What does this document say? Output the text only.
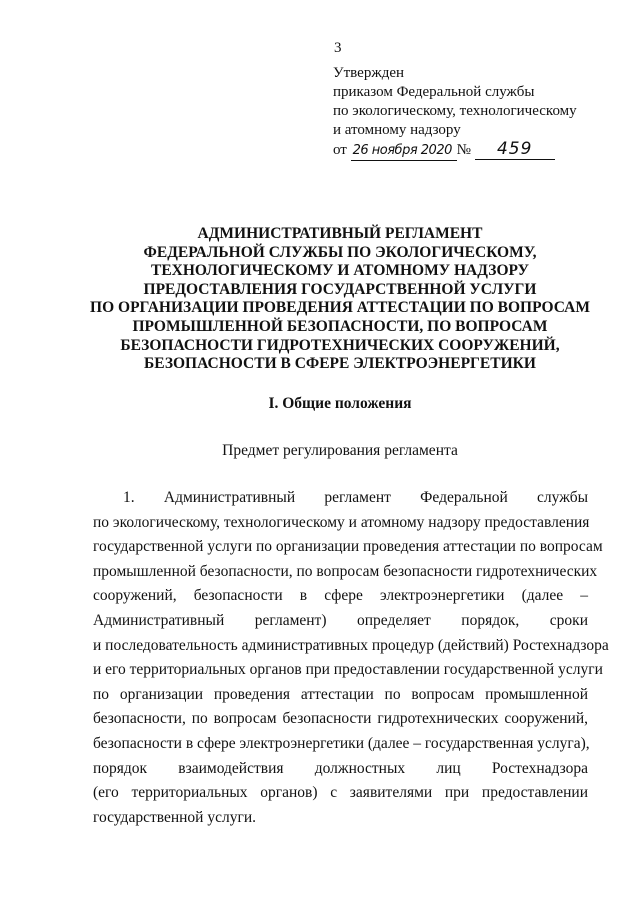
3
Утвержден
приказом Федеральной службы
по экологическому, технологическому
и атомному надзору
от 26 ноября 2020 № 459
АДМИНИСТРАТИВНЫЙ РЕГЛАМЕНТ
ФЕДЕРАЛЬНОЙ СЛУЖБЫ ПО ЭКОЛОГИЧЕСКОМУ,
ТЕХНОЛОГИЧЕСКОМУ И АТОМНОМУ НАДЗОРУ
ПРЕДОСТАВЛЕНИЯ ГОСУДАРСТВЕННОЙ УСЛУГИ
ПО ОРГАНИЗАЦИИ ПРОВЕДЕНИЯ АТТЕСТАЦИИ ПО ВОПРОСАМ
ПРОМЫШЛЕННОЙ БЕЗОПАСНОСТИ, ПО ВОПРОСАМ
БЕЗОПАСНОСТИ ГИДРОТЕХНИЧЕСКИХ СООРУЖЕНИЙ,
БЕЗОПАСНОСТИ В СФЕРЕ ЭЛЕКТРОЭНЕРГЕТИКИ
I. Общие положения
Предмет регулирования регламента
1. Административный регламент Федеральной службы
по экологическому, технологическому и атомному надзору предоставления
государственной услуги по организации проведения аттестации по вопросам
промышленной безопасности, по вопросам безопасности гидротехнических
сооружений, безопасности в сфере электроэнергетики (далее –
Административный регламент) определяет порядок, сроки
и последовательность административных процедур (действий) Ростехнадзора
и его территориальных органов при предоставлении государственной услуги
по организации проведения аттестации по вопросам промышленной
безопасности, по вопросам безопасности гидротехнических сооружений,
безопасности в сфере электроэнергетики (далее – государственная услуга),
порядок взаимодействия должностных лиц Ростехнадзора
(его территориальных органов) с заявителями при предоставлении
государственной услуги.
